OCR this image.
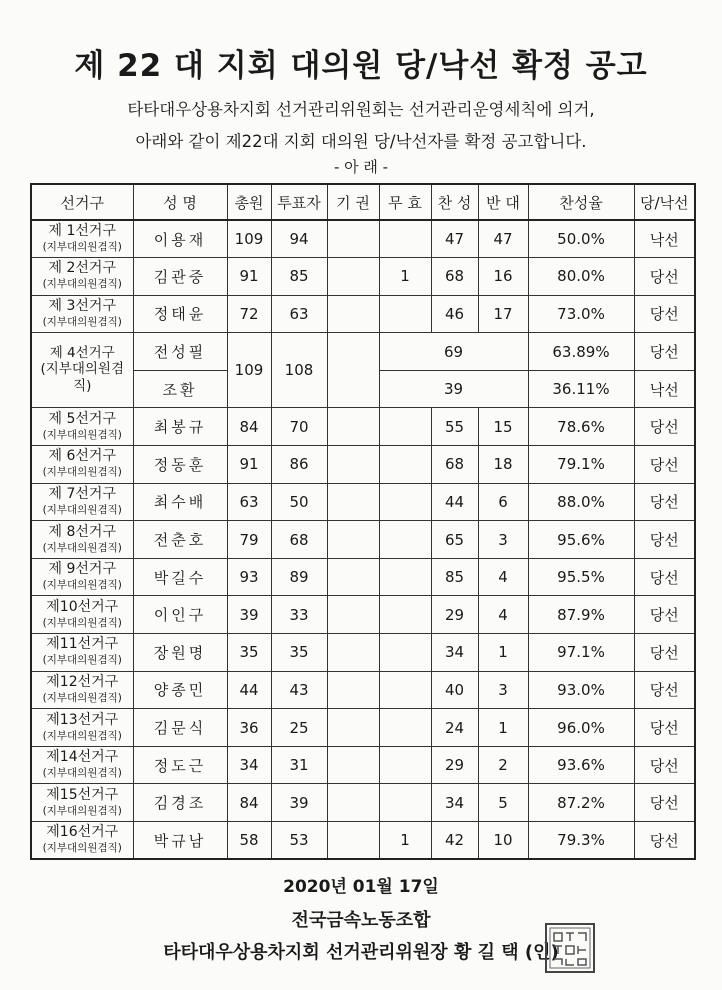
제 22 대 지회 대의원 당/낙선 확정 공고
타타대우상용차지회 선거관리위원회는 선거관리운영세칙에 의거,
아래와 같이 제22대 지회 대의원 당/낙선자를 확정 공고합니다.
- 아 래 -
선거구	성 명	총원	투표자	기 권	무 효	찬 성	반 대	찬성율	당/낙선

제 1선거구
(지부대의원겸직)	이용재	109	94			47	47	50.0%	낙선

제 2선거구
(지부대의원겸직)	김관중	91	85		1	68	16	80.0%	당선

제 3선거구
(지부대의원겸직)	정태윤	72	63			46	17	73.0%	당선

제 4선거구
(지부대의원겸직)	전성필	109	108		69			63.89%	당선
	조환				39			36.11%	낙선

제 5선거구
(지부대의원겸직)	최봉규	84	70			55	15	78.6%	당선

제 6선거구
(지부대의원겸직)	정동훈	91	86			68	18	79.1%	당선

제 7선거구
(지부대의원겸직)	최수배	63	50			44	6	88.0%	당선

제 8선거구
(지부대의원겸직)	전춘호	79	68			65	3	95.6%	당선

제 9선거구
(지부대의원겸직)	박길수	93	89			85	4	95.5%	당선

제10선거구
(지부대의원겸직)	이인구	39	33			29	4	87.9%	당선

제11선거구
(지부대의원겸직)	장원명	35	35			34	1	97.1%	당선

제12선거구
(지부대의원겸직)	양종민	44	43			40	3	93.0%	당선

제13선거구
(지부대의원겸직)	김문식	36	25			24	1	96.0%	당선

제14선거구
(지부대의원겸직)	정도근	34	31			29	2	93.6%	당선

제15선거구
(지부대의원겸직)	김경조	84	39			34	5	87.2%	당선

제16선거구
(지부대의원겸직)	박규남	58	53		1	42	10	79.3%	당선
2020년 01월 17일
전국금속노동조합
타타대우상용차지회 선거관리위원장 황 길 택 (인)
